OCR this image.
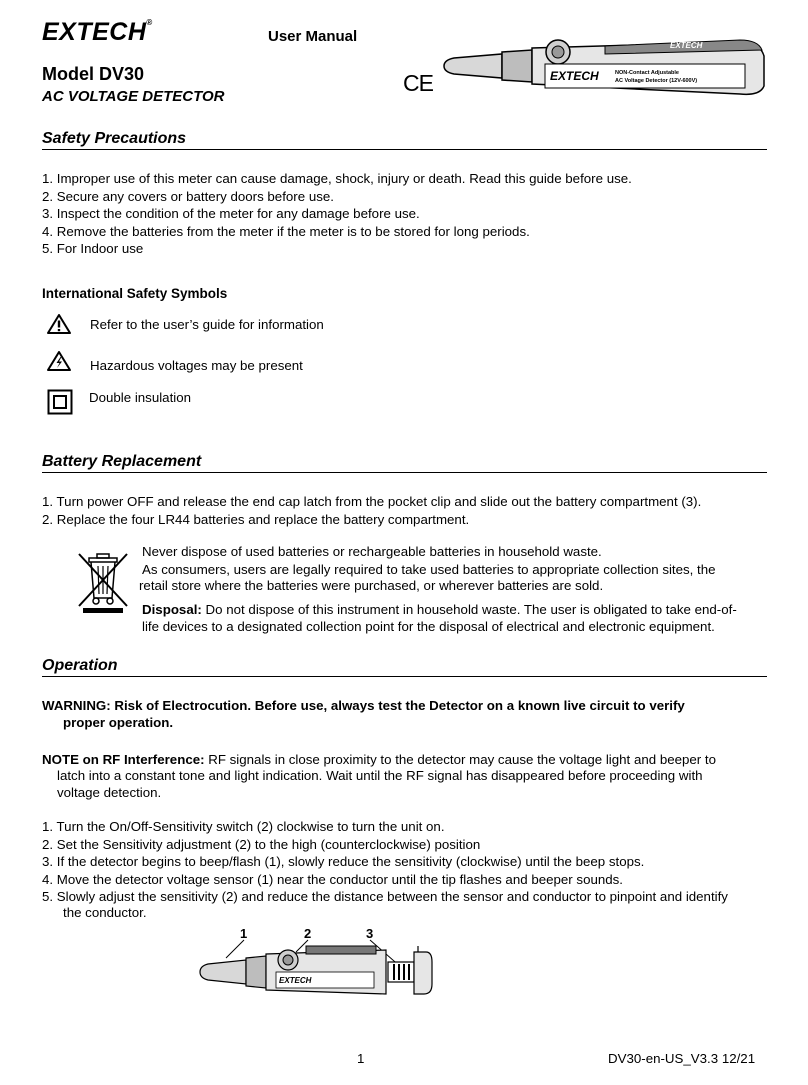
EXTECH®
User Manual
Model DV30
AC VOLTAGE DETECTOR
CE	EXTECH	NON-Contact Adjustable
AC Voltage Detector (12V-600V)
EXTECH
Safety Precautions
1. Improper use of this meter can cause damage, shock, injury or death. Read this guide before use.
2. Secure any covers or battery doors before use.
3. Inspect the condition of the meter for any damage before use.
4. Remove the batteries from the meter if the meter is to be stored for long periods.
5. For Indoor use
International Safety Symbols
Refer to the user’s guide for information
Hazardous voltages may be present
Double insulation
Battery Replacement
1. Turn power OFF and release the end cap latch from the pocket clip and slide out the battery compartment (3).
2. Replace the four LR44 batteries and replace the battery compartment.
Never dispose of used batteries or rechargeable batteries in household waste.
As consumers, users are legally required to take used batteries to appropriate collection sites, the
retail store where the batteries were purchased, or wherever batteries are sold.
Disposal: Do not dispose of this instrument in household waste. The user is obligated to take end-of-
life devices to a designated collection point for the disposal of electrical and electronic equipment.
Operation
WARNING: Risk of Electrocution. Before use, always test the Detector on a known live circuit to verify
proper operation.
NOTE on RF Interference: RF signals in close proximity to the detector may cause the voltage light and beeper to
latch into a constant tone and light indication. Wait until the RF signal has disappeared before proceeding with
voltage detection.
1. Turn the On/Off-Sensitivity switch (2) clockwise to turn the unit on.
2. Set the Sensitivity adjustment (2) to the high (counterclockwise) position
3. If the detector begins to beep/flash (1), slowly reduce the sensitivity (clockwise) until the beep stops.
4. Move the detector voltage sensor (1) near the conductor until the tip flashes and beeper sounds.
5. Slowly adjust the sensitivity (2) and reduce the distance between the sensor and conductor to pinpoint and identify
the conductor.
1	2	3
EXTECH
1	DV30-en-US_V3.3 12/21
